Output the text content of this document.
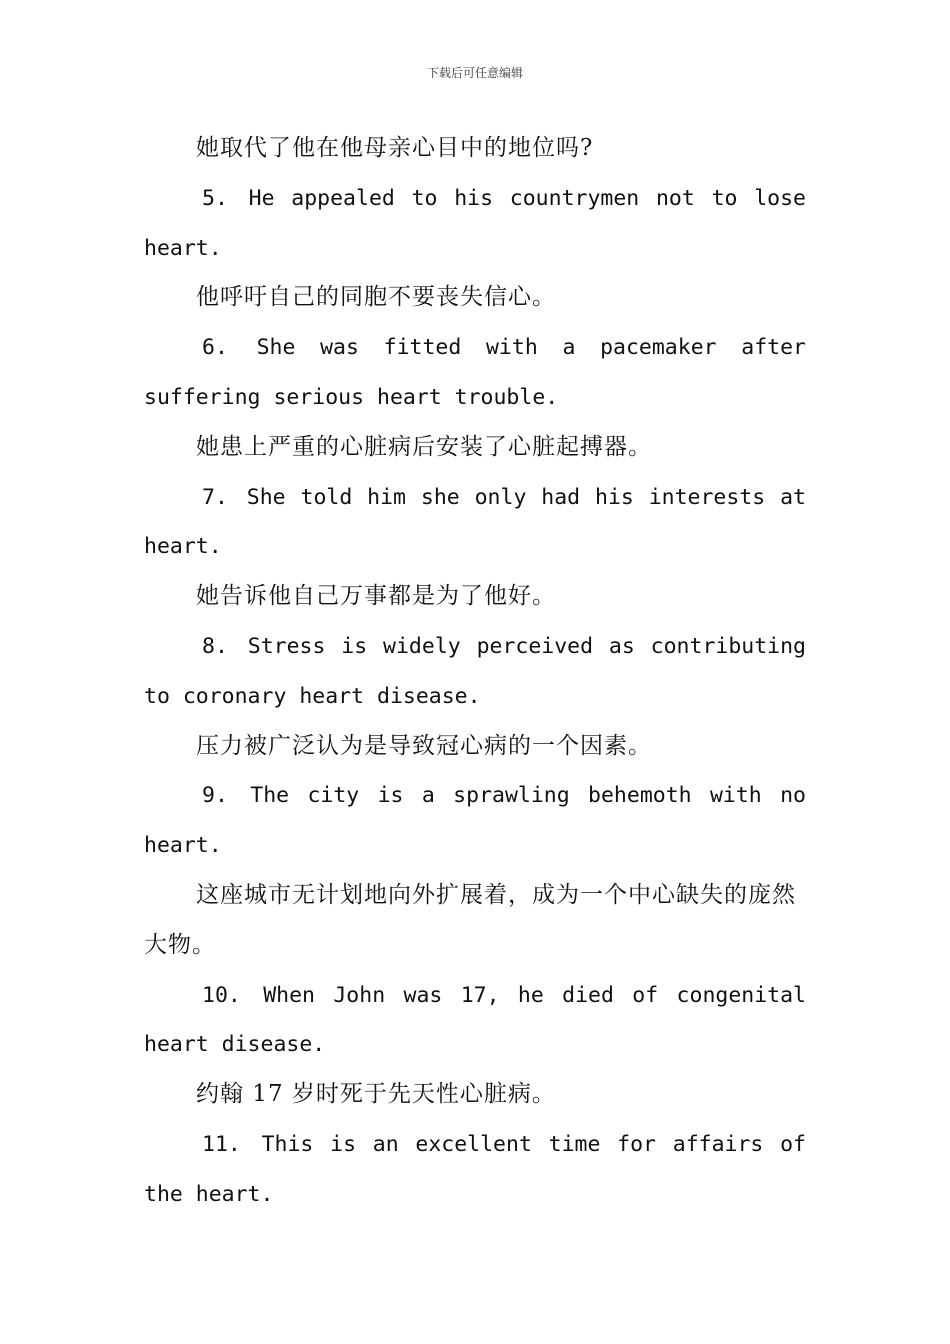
下载后可任意编辑

她取代了他在他母亲心目中的地位吗?

5. He appealed to his countrymen not to lose heart.

他呼吁自己的同胞不要丧失信心。

6. She was fitted with a pacemaker after suffering serious heart trouble.

她患上严重的心脏病后安装了心脏起搏器。

7. She told him she only had his interests at heart.

她告诉他自己万事都是为了他好。

8. Stress is widely perceived as contributing to coronary heart disease.

压力被广泛认为是导致冠心病的一个因素。

9. The city is a sprawling behemoth with no heart.

这座城市无计划地向外扩展着，成为一个中心缺失的庞然大物。

10. When John was 17, he died of congenital heart disease.

约翰 17 岁时死于先天性心脏病。

11. This is an excellent time for affairs of the heart.
